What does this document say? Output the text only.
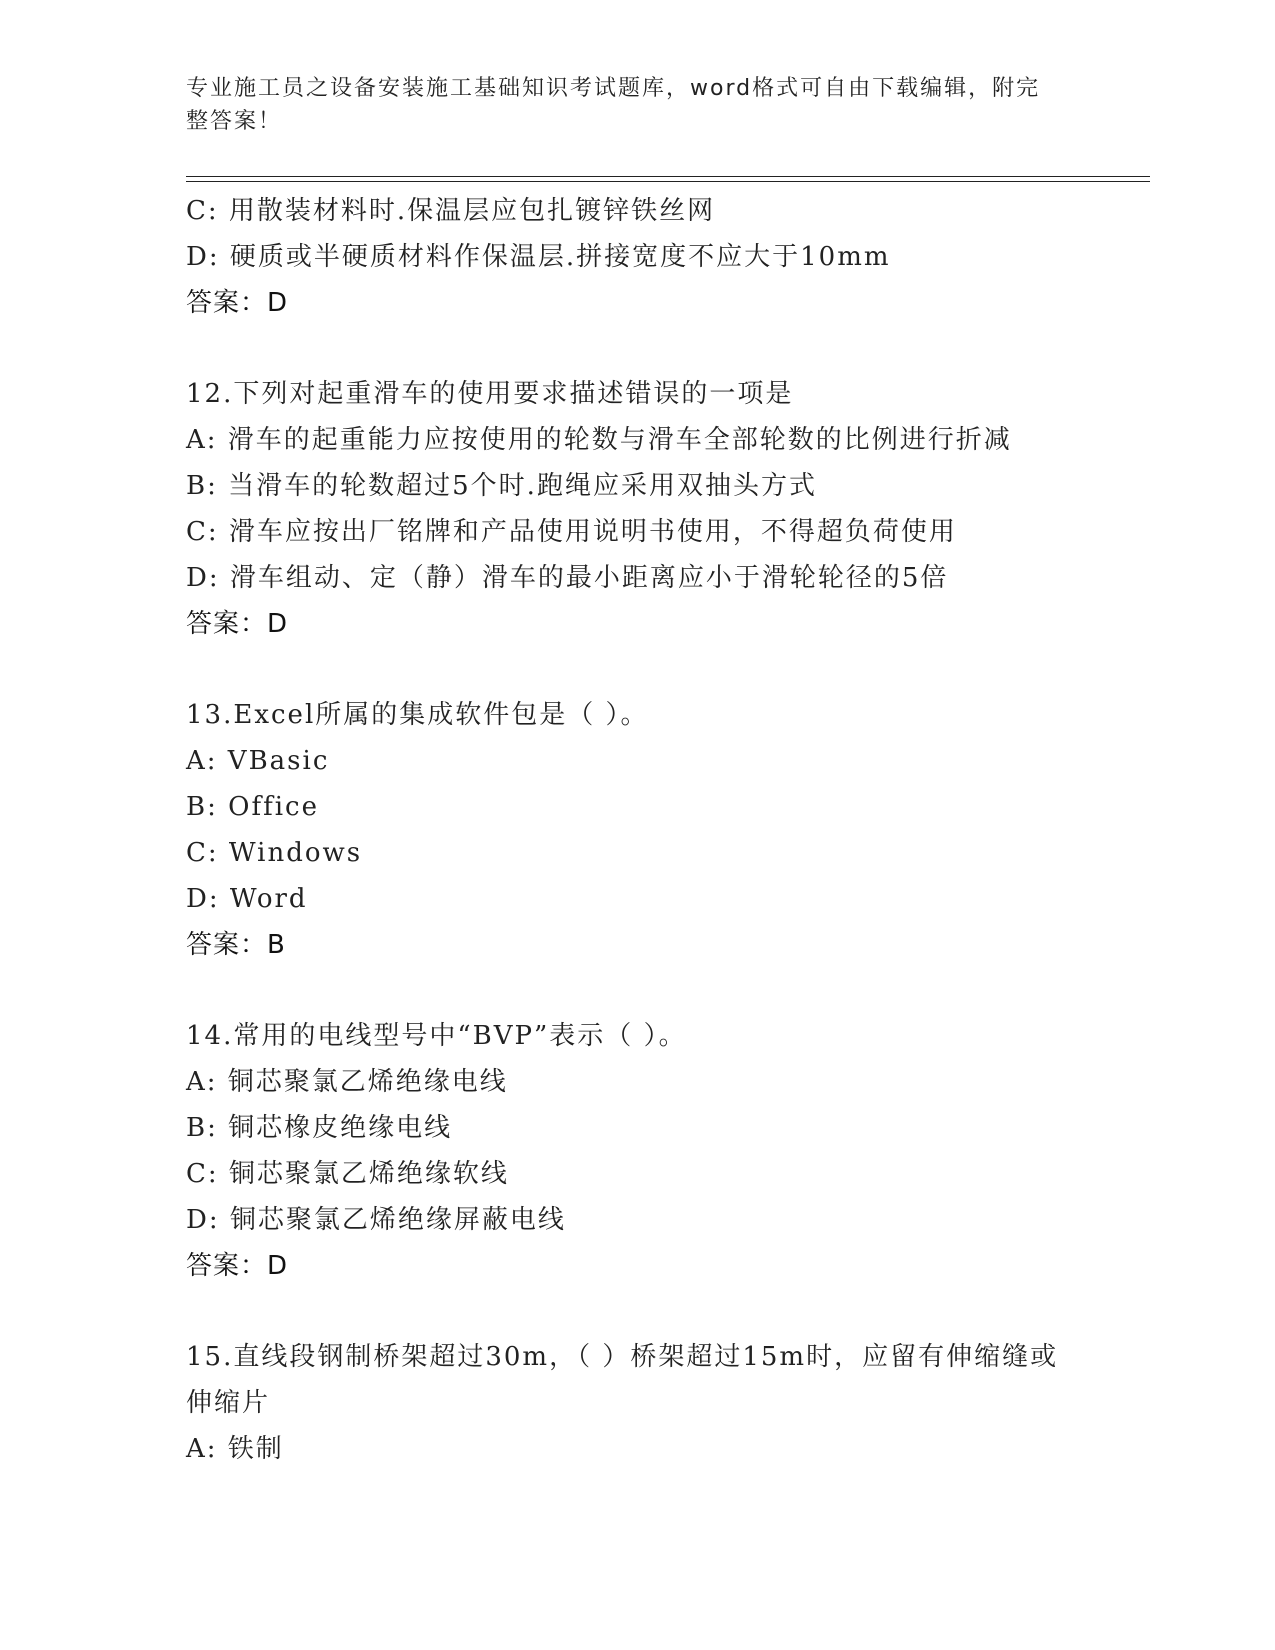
专业施工员之设备安装施工基础知识考试题库，word格式可自由下载编辑，附完
整答案！
C: 用散装材料时.保温层应包扎镀锌铁丝网
D: 硬质或半硬质材料作保温层.拼接宽度不应大于10mm
答案：D
12.下列对起重滑车的使用要求描述错误的一项是
A: 滑车的起重能力应按使用的轮数与滑车全部轮数的比例进行折减
B: 当滑车的轮数超过5个时.跑绳应采用双抽头方式
C: 滑车应按出厂铭牌和产品使用说明书使用，不得超负荷使用
D: 滑车组动、定（静）滑车的最小距离应小于滑轮轮径的5倍
答案：D
13.Excel所属的集成软件包是（ ）。
A: VBasic
B: Office
C: Windows
D: Word
答案：B
14.常用的电线型号中“BVP”表示（ ）。
A: 铜芯聚氯乙烯绝缘电线
B: 铜芯橡皮绝缘电线
C: 铜芯聚氯乙烯绝缘软线
D: 铜芯聚氯乙烯绝缘屏蔽电线
答案：D
15.直线段钢制桥架超过30m，（ ）桥架超过15m时，应留有伸缩缝或
伸缩片
A: 铁制
